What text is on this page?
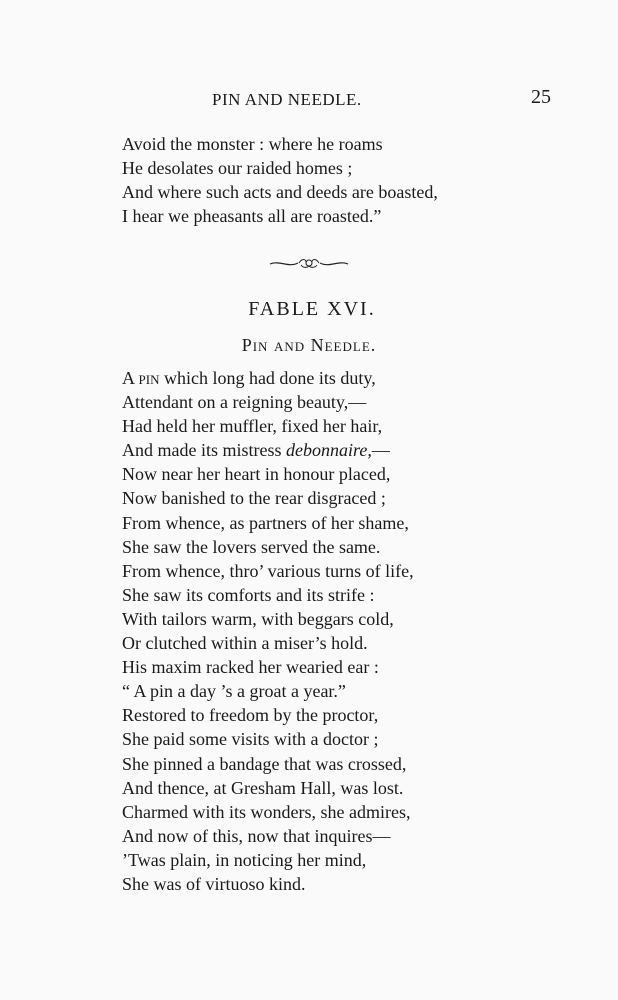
PIN AND NEEDLE.	25
Avoid the monster : where he roams
He desolates our raided homes ;
And where such acts and deeds are boasted,
I hear we pheasants all are roasted.”
FABLE XVI.
Pin and Needle.
A pin which long had done its duty,
Attendant on a reigning beauty,—
Had held her muffler, fixed her hair,
And made its mistress debonnaire,—
Now near her heart in honour placed,
Now banished to the rear disgraced ;
From whence, as partners of her shame,
She saw the lovers served the same.
From whence, thro’ various turns of life,
She saw its comforts and its strife :
With tailors warm, with beggars cold,
Or clutched within a miser’s hold.
His maxim racked her wearied ear :
“ A pin a day ’s a groat a year.”
Restored to freedom by the proctor,
She paid some visits with a doctor ;
She pinned a bandage that was crossed,
And thence, at Gresham Hall, was lost.
Charmed with its wonders, she admires,
And now of this, now that inquires—
’Twas plain, in noticing her mind,
She was of virtuoso kind.
